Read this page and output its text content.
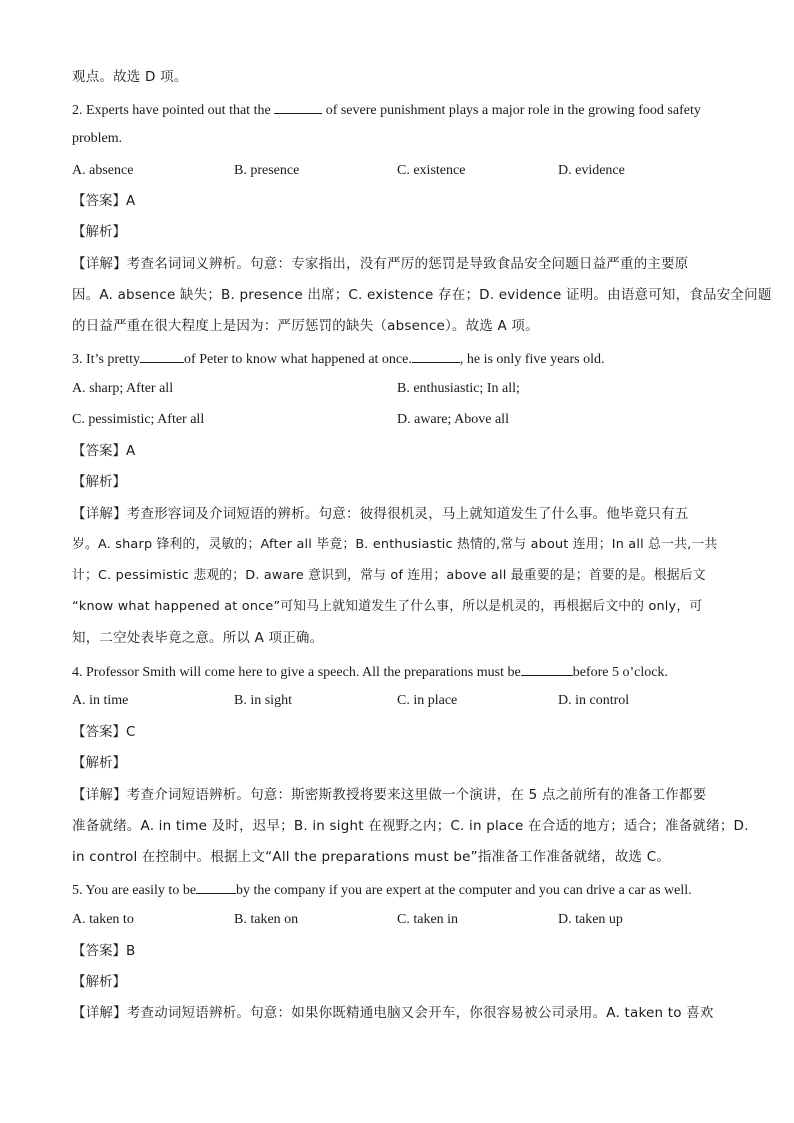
观点。故选 D 项。
2. Experts have pointed out that the	of severe punishment plays a major role in the growing food safety
problem.
A. absence	B. presence	C. existence	D. evidence
【答案】A
【解析】
【详解】考查名词词义辨析。句意：专家指出，没有严厉的惩罚是导致食品安全问题日益严重的主要原
因。A. absence 缺失；B. presence 出席；C. existence 存在；D. evidence 证明。由语意可知，食品安全问题
的日益严重在很大程度上是因为：严厉惩罚的缺失（absence）。故选 A 项。
3. It’s pretty	of Peter to know what happened at once.	, he is only five years old.
A. sharp; After all	B. enthusiastic; In all;
C. pessimistic; After all	D. aware; Above all
【答案】A
【解析】
【详解】考查形容词及介词短语的辨析。句意：彼得很机灵，马上就知道发生了什么事。他毕竟只有五
岁。A. sharp 锋利的，灵敏的；After all 毕竟；B. enthusiastic 热情的,常与 about 连用；In all 总一共,一共
计；C. pessimistic 悲观的；D. aware 意识到，常与 of 连用；above all 最重要的是；首要的是。根据后文
“know what happened at once”可知马上就知道发生了什么事，所以是机灵的，再根据后文中的 only，可
知，二空处表毕竟之意。所以 A 项正确。
4. Professor Smith will come here to give a speech. All the preparations must be	before 5 o’clock.
A. in time	B. in sight	C. in place	D. in control
【答案】C
【解析】
【详解】考查介词短语辨析。句意：斯密斯教授将要来这里做一个演讲，在 5 点之前所有的准备工作都要
准备就绪。A. in time 及时，迟早；B. in sight 在视野之内；C. in place 在合适的地方；适合；准备就绪；D.
in control 在控制中。根据上文“All the preparations must be”指准备工作准备就绪，故选 C。
5. You are easily to be	by the company if you are expert at the computer and you can drive a car as well.
A. taken to	B. taken on	C. taken in	D. taken up
【答案】B
【解析】
【详解】考查动词短语辨析。句意：如果你既精通电脑又会开车，你很容易被公司录用。A. taken to 喜欢
